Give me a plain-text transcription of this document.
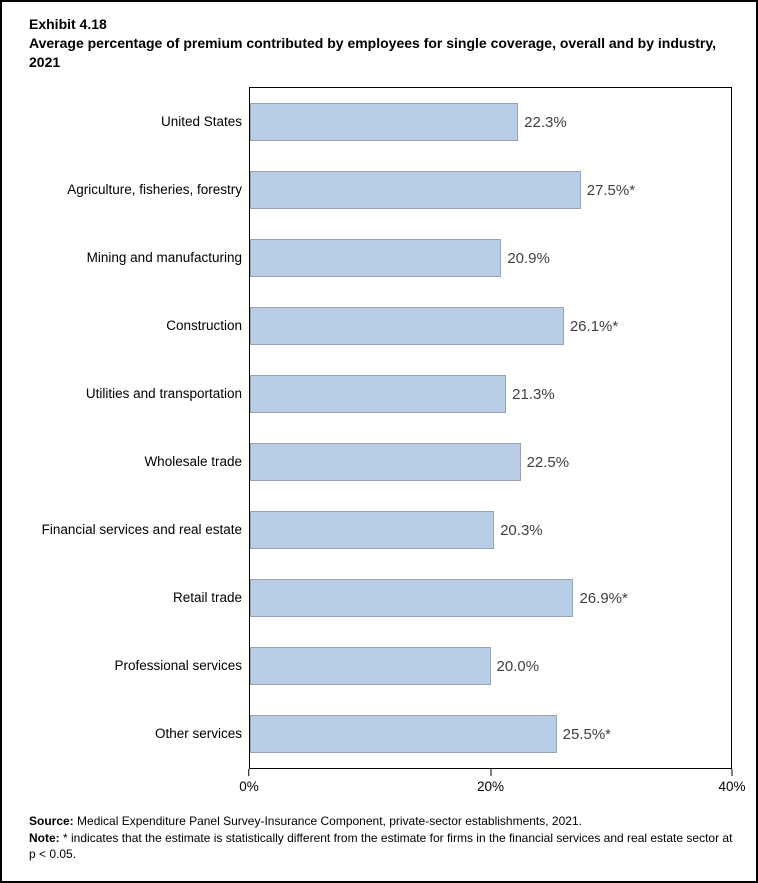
Exhibit 4.18
Average percentage of premium contributed by employees for single coverage, overall and by industry, 2021
United States
Agriculture, fisheries, forestry
Mining and manufacturing
Construction
Utilities and transportation
Wholesale trade
Financial services and real estate
Retail trade
Professional services
Other services
22.3%
27.5%*
20.9%
26.1%*
21.3%
22.5%
20.3%
26.9%*
20.0%
25.5%*
0%	20%	40%
Source: Medical Expenditure Panel Survey-Insurance Component, private-sector establishments, 2021.
Note: * indicates that the estimate is statistically different from the estimate for firms in the financial services and real estate sector at p < 0.05.
